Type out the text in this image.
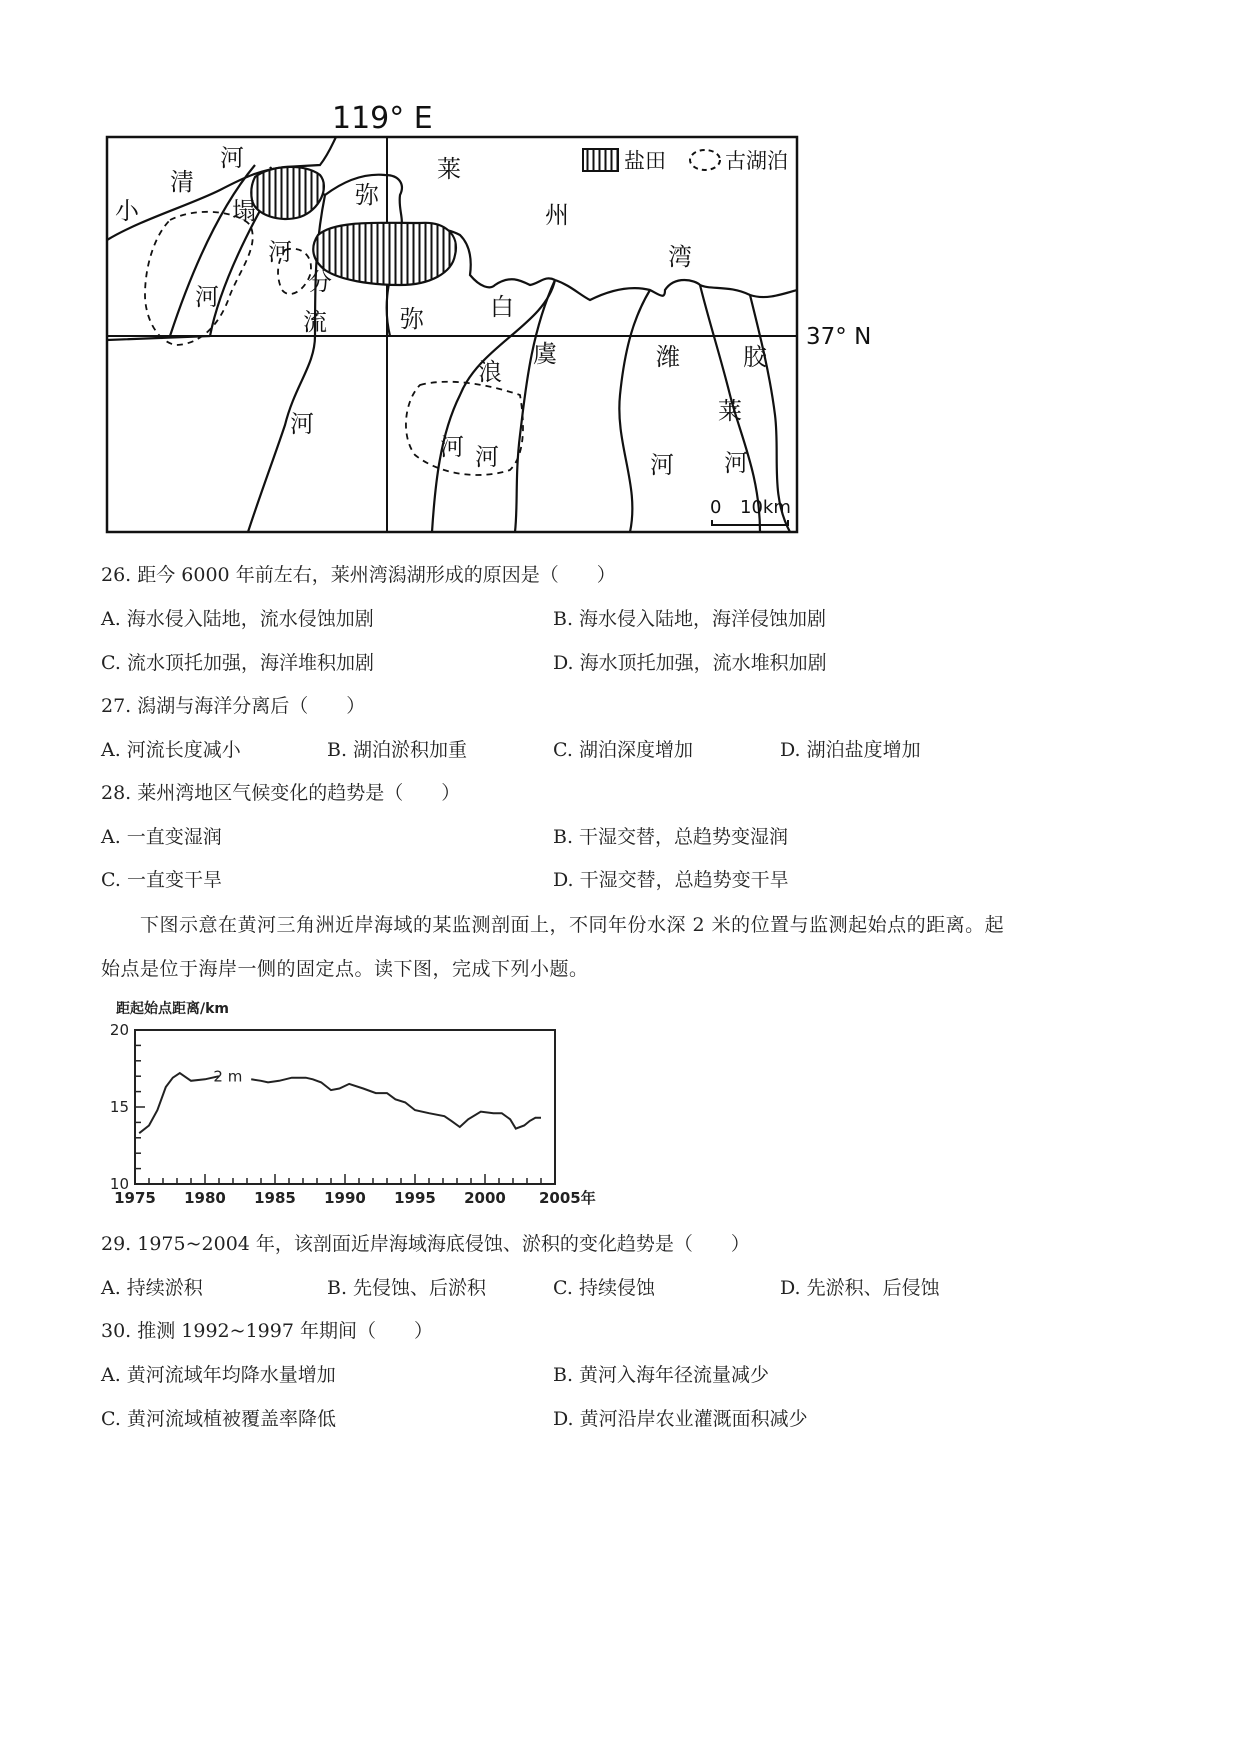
119° E
37° N
盐田	古湖泊
河
清
小	塌
弥
莱
州
河
河
分
流	弥	白
湾
浪
虞	潍	胶
河	莱
河 河	河 河
0 10km
26. 距今 6000 年前左右，莱州湾潟湖形成的原因是（　　）
A. 海水侵入陆地，流水侵蚀加剧	B. 海水侵入陆地，海洋侵蚀加剧
C. 流水顶托加强，海洋堆积加剧	D. 海水顶托加强，流水堆积加剧
27. 潟湖与海洋分离后（　　）
A. 河流长度减小	B. 湖泊淤积加重	C. 湖泊深度增加	D. 湖泊盐度增加
28. 莱州湾地区气候变化的趋势是（　　）
A. 一直变湿润	B. 干湿交替，总趋势变湿润
C. 一直变干旱	D. 干湿交替，总趋势变干旱
下图示意在黄河三角洲近岸海域的某监测剖面上，不同年份水深 2 米的位置与监测起始点的距离。起
始点是位于海岸一侧的固定点。读下图，完成下列小题。
距起始点距离/km
10
15
20
1975 1980 1985 1990 1995 2000 2005年
2 m
29. 1975~2004 年，该剖面近岸海域海底侵蚀、淤积的变化趋势是（　　）
A. 持续淤积	B. 先侵蚀、后淤积	C. 持续侵蚀	D. 先淤积、后侵蚀
30. 推测 1992~1997 年期间（　　）
A. 黄河流域年均降水量增加	B. 黄河入海年径流量减少
C. 黄河流域植被覆盖率降低	D. 黄河沿岸农业灌溉面积减少
